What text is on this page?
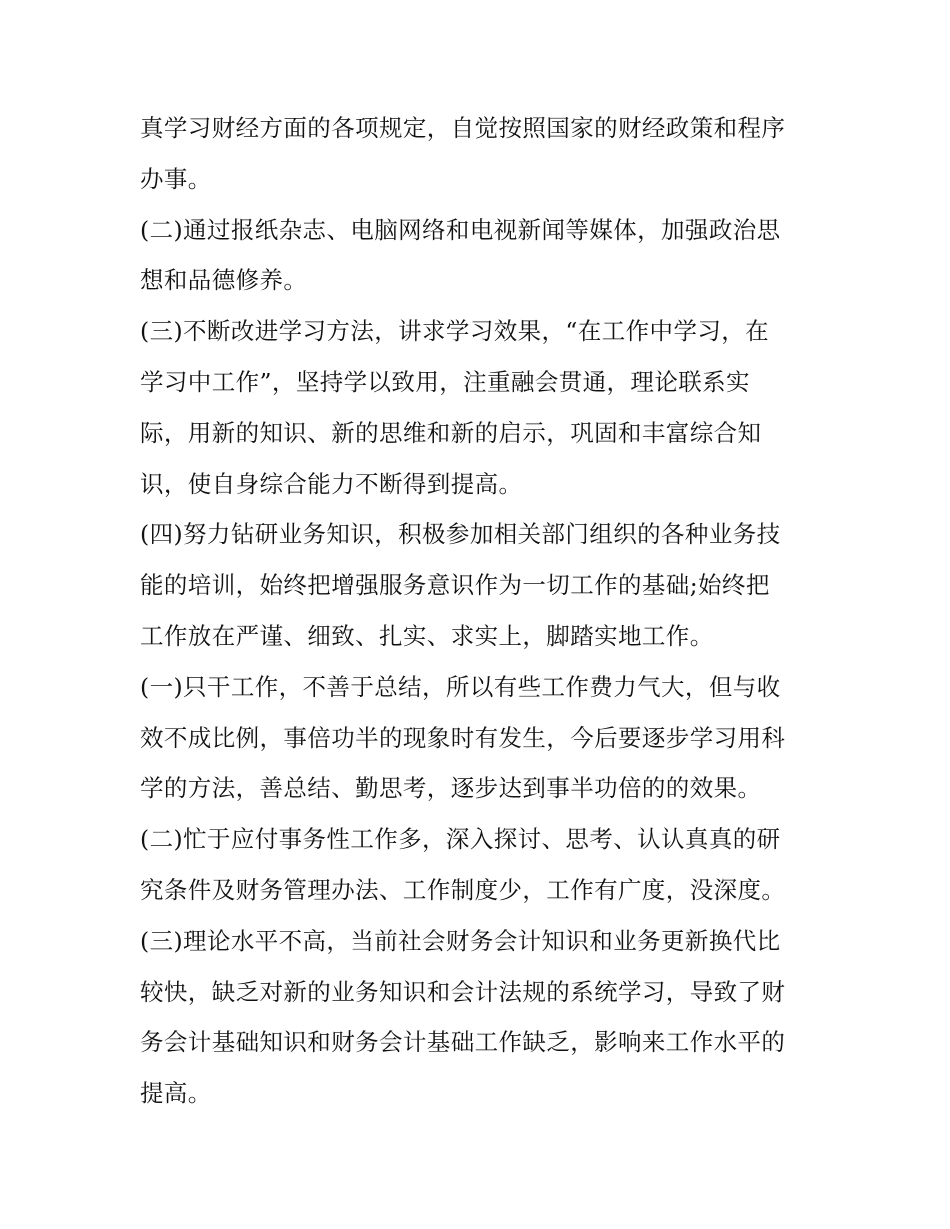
真学习财经方面的各项规定，自觉按照国家的财经政策和程序
办事。
(二)通过报纸杂志、电脑网络和电视新闻等媒体，加强政治思
想和品德修养。
(三)不断改进学习方法，讲求学习效果，“在工作中学习，在
学习中工作”，坚持学以致用，注重融会贯通，理论联系实
际，用新的知识、新的思维和新的启示，巩固和丰富综合知
识，使自身综合能力不断得到提高。
(四)努力钻研业务知识，积极参加相关部门组织的各种业务技
能的培训，始终把增强服务意识作为一切工作的基础;始终把
工作放在严谨、细致、扎实、求实上，脚踏实地工作。
(一)只干工作，不善于总结，所以有些工作费力气大，但与收
效不成比例，事倍功半的现象时有发生，今后要逐步学习用科
学的方法，善总结、勤思考，逐步达到事半功倍的的效果。
(二)忙于应付事务性工作多，深入探讨、思考、认认真真的研
究条件及财务管理办法、工作制度少，工作有广度，没深度。
(三)理论水平不高，当前社会财务会计知识和业务更新换代比
较快，缺乏对新的业务知识和会计法规的系统学习，导致了财
务会计基础知识和财务会计基础工作缺乏，影响来工作水平的
提高。
